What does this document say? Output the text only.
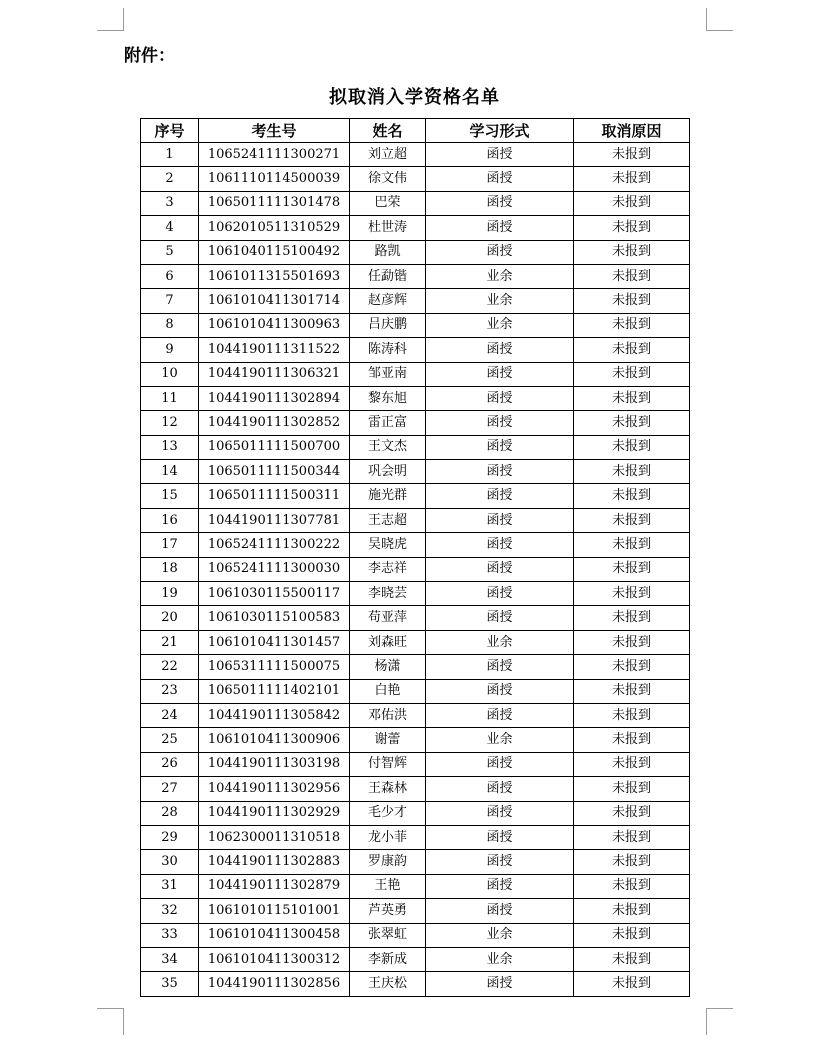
附件：
拟取消入学资格名单
序号	考生号	姓名	学习形式	取消原因
1	1065241111300271	刘立超	函授	未报到
2	1061110114500039	徐文伟	函授	未报到
3	1065011111301478	巴荣	函授	未报到
4	1062010511310529	杜世涛	函授	未报到
5	1061040115100492	路凯	函授	未报到
6	1061011315501693	任勐锴	业余	未报到
7	1061010411301714	赵彦辉	业余	未报到
8	1061010411300963	吕庆鹏	业余	未报到
9	1044190111311522	陈涛科	函授	未报到
10	1044190111306321	邹亚南	函授	未报到
11	1044190111302894	黎东旭	函授	未报到
12	1044190111302852	雷正富	函授	未报到
13	1065011111500700	王文杰	函授	未报到
14	1065011111500344	巩会明	函授	未报到
15	1065011111500311	施光群	函授	未报到
16	1044190111307781	王志超	函授	未报到
17	1065241111300222	吴晓虎	函授	未报到
18	1065241111300030	李志祥	函授	未报到
19	1061030115500117	李晓芸	函授	未报到
20	1061030115100583	苟亚萍	函授	未报到
21	1061010411301457	刘森旺	业余	未报到
22	1065311111500075	杨潇	函授	未报到
23	1065011111402101	白艳	函授	未报到
24	1044190111305842	邓佑洪	函授	未报到
25	1061010411300906	谢蕾	业余	未报到
26	1044190111303198	付智辉	函授	未报到
27	1044190111302956	王森林	函授	未报到
28	1044190111302929	毛少才	函授	未报到
29	1062300011310518	龙小菲	函授	未报到
30	1044190111302883	罗康韵	函授	未报到
31	1044190111302879	王艳	函授	未报到
32	1061010115101001	芦英勇	函授	未报到
33	1061010411300458	张翠虹	业余	未报到
34	1061010411300312	李新成	业余	未报到
35	1044190111302856	王庆松	函授	未报到
